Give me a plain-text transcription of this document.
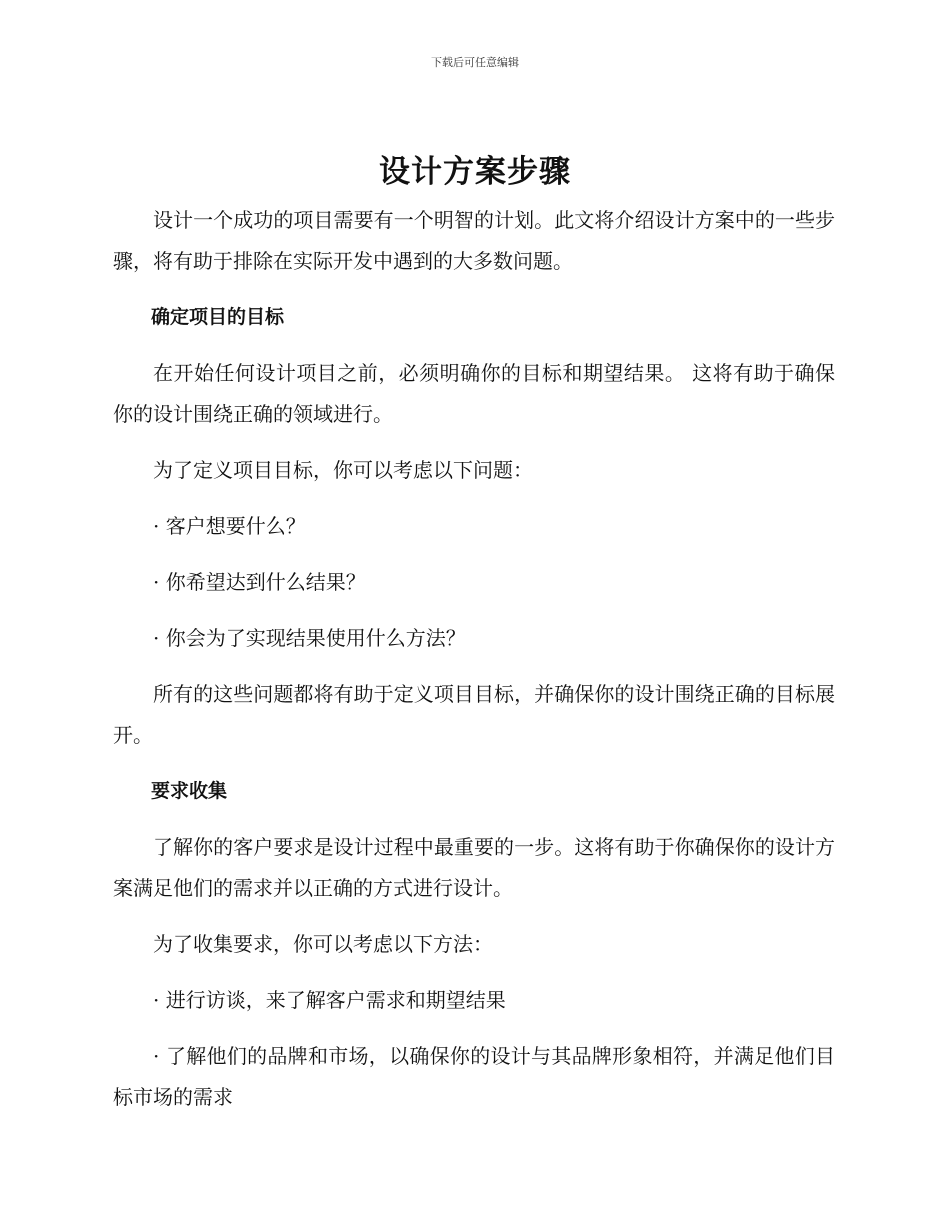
下载后可任意编辑
设计方案步骤

设计一个成功的项目需要有一个明智的计划。此文将介绍设计方案中的一些步骤，将有助于排除在实际开发中遇到的大多数问题。

确定项目的目标

在开始任何设计项目之前，必须明确你的目标和期望结果。 这将有助于确保你的设计围绕正确的领域进行。

为了定义项目目标，你可以考虑以下问题：

· 客户想要什么？

· 你希望达到什么结果？

· 你会为了实现结果使用什么方法？

所有的这些问题都将有助于定义项目目标，并确保你的设计围绕正确的目标展开。

要求收集

了解你的客户要求是设计过程中最重要的一步。这将有助于你确保你的设计方案满足他们的需求并以正确的方式进行设计。

为了收集要求，你可以考虑以下方法：

· 进行访谈，来了解客户需求和期望结果

· 了解他们的品牌和市场，以确保你的设计与其品牌形象相符，并满足他们目标市场的需求
